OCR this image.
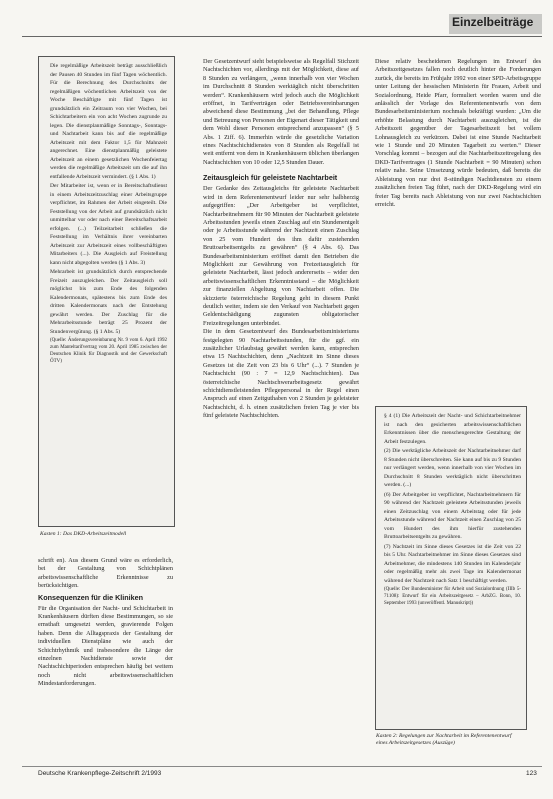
Einzelbeiträge

Die regelmäßige Arbeitszeit beträgt ausschließlich der Pausen 40 Stunden im fünf Tagen wöchentlich. Für die Berechnung des Durchschnitts der regelmäßigen wöchentlichen Arbeitszeit von der Woche Beschäftigte mit fünf Tagen ist grundsätzlich ein Zeitraum von vier Wochen, bei Schichtarbeitern ein von acht Wochen zugrunde zu legen. Die dienstplanmäßige Sonntags-, Sonntags- und Nachtarbeit kann bis auf die regelmäßige Arbeitszeit mit dem Faktor 1,5 für Mahnzeit angerechnet. Eine dienstplanmäßig geleistete Arbeitszeit an einem gesetzlichen Wochenfeiertag werden die regelmäßige Arbeitszeit um die auf ihn entfallende Arbeitszeit vermindert. (§ 1 Abs. 1)

Der Mitarbeiter ist, wenn er in Bereitschaftsdienst in einem Arbeitszeitzuschlag einer Arbeitsgruppe verpflichtet, im Rahmen der Arbeit eingeteilt. Die Feststellung von der Arbeit auf grundsätzlich nicht unmittelbar vor oder nach einer Bereitschaftsarbeit erfolgen. (...) Teilzeitarbeit schließen die Feststellung im Verhältnis ihrer vereinbarten Arbeitszeit zur Arbeitszeit eines vollbeschäftigten Mitarbeiters (...). Die Ausgleich auf Freistellung kann nicht abgegolten werden (§ 1 Abs. 3)

Mehrarbeit ist grundsätzlich durch entsprechende Freizeit auszugleichen. Der Zeitausgleich soll möglichst bis zum Ende des folgenden Kalendermonats, spätestens bis zum Ende des dritten Kalendermonats nach der Entstehung gewährt werden. Der Zuschlag für die Mehrarbeitsstunde beträgt 25 Prozent der Stundenvergütung. (§ 1 Abs. 5)

(Quelle: Änderungsvereinbarung Nr. 9 vom 6. April 1992 zum Manteltarifvertrag vom 20. April 1985 zwischen der Deutschen Klinik für Diagnostik und der Gewerkschaft ÖTV)

Kasten 1: Das DKD-Arbeitszeitmodell

schrift en). Aus diesem Grund wäre es erforderlich, bei der Gestaltung von Schichtplänen arbeitswissenschaftliche Erkenntnisse zu berücksichtigen.

Konsequenzen für die Kliniken

Für die Organisation der Nacht- und Schichtarbeit in Krankenhäusern dürften diese Bestimmungen, so sie ernsthaft umgesetzt werden, gravierende Folgen haben. Denn die Alltagspraxis der Gestaltung der individuellen Dienstpläne wie auch der Schichtrhythmik und insbesondere die Länge der einzelnen Nachtdienste sowie der Nachtschichtperioden entsprechen häufig bei weitem noch nicht arbeitswissenschaftlichen Mindestanforderungen.

Der Gesetzentwurf sieht beispielsweise als Regelfall Stichzeit Nachtschichten vor, allerdings mit der Möglichkeit, diese auf 8 Stunden zu verlängern, „wenn innerhalb von vier Wochen im Durchschnitt 8 Stunden werktäglich nicht überschritten werden“. Krankenhäusern wird jedoch auch die Möglichkeit eröffnet, in Tarifverträgen oder Betriebsvereinbarungen abweichend diese Bestimmung „bei der Behandlung, Pflege und Betreuung von Personen der Eigenart dieser Tätigkeit und dem Wohl dieser Personen entsprechend anzupassen“ (§ 5 Abs. 1 Ziff. 6). Immerhin würde die gesetzliche Variation eines Nachtschichtdienstes von 8 Stunden als Regelfall ist weit entfernt von dem in Krankenhäusern üblichen überlangen Nachtschichten von 10 oder 12,5 Stunden Dauer.

Zeitausgleich für geleistete Nachtarbeit

Der Gedanke des Zeitausgleichs für geleistete Nachtarbeit wird in dem Referentenentwurf leider nur sehr halbherzig aufgegriffen: „Der Arbeitgeber ist verpflichtet, Nachtarbeitnehmern für 90 Minuten der Nachtarbeit geleistete Arbeitsstunden jeweils einen Zuschlag auf ein Stundenentgelt oder je Arbeitsstunde während der Nachtzeit einen Zuschlag von 25 vom Hundert des ihm dafür zustehenden Bruttoarbeitsentgelts zu gewähren“ (§ 4 Abs. 6). Das Bundesarbeitsministerium eröffnet damit den Betrieben die Möglichkeit zur Gewährung von Freizeitausgleich für geleistete Nachtarbeit, lässt jedoch andererseits – wider den arbeitswissenschaftlichen Erkenntnisstand – die Möglichkeit zur finanziellen Abgeltung von Nachtarbeit offen. Die skizzierte österreichische Regelung geht in diesem Punkt deutlich weiter, indem sie den Verkauf von Nachtarbeit gegen Geldentschädigung zugunsten obligatorischer Freizeitregelungen unterbindet.

Die in dem Gesetzentwurf des Bundesarbeitsministeriums festgelegten 90 Nachtarbeitsstunden, für die ggf. ein zusätzlicher Urlaubstag gewährt werden kann, entsprechen etwa 15 Nachtschichten, denn „Nachtzeit im Sinne dieses Gesetzes ist die Zeit von 23 bis 6 Uhr“ (...). 7 Stunden je Nachtschicht (90 : 7 = 12,9 Nachtschichten). Das österreichische Nachtschwerarbeitsgesetz gewährt schichtdienstleistenden Pflegepersonal in der Regel einen Anspruch auf einen Zeitguthaben von 2 Stunden je geleisteter Nachtschicht, d. h. einen zusätzlichen freien Tag je vier bis fünf geleistete Nachtschichten.

Diese relativ bescheidenen Regelungen im Entwurf des Arbeitszeitgesetzes fallen noch deutlich hinter die Forderungen zurück, die bereits im Frühjahr 1992 von einer SPD-Arbeitsgruppe unter Leitung der hessischen Ministerin für Frauen, Arbeit und Sozialordnung, Heide Pfarr, formuliert worden waren und die anlässlich der Vorlage des Referentenentwurfs von dem Bundesarbeitsministerium nochmals bekräftigt wurden: „Um die erhöhte Belastung durch Nachtarbeit auszugleichen, ist die Arbeitszeit gegenüber der Tagesarbeitszeit bei vollem Lohnausgleich zu verkürzen. Dabei ist eine Stunde Nachtarbeit wie 1 Stunde und 20 Minuten Tagarbeit zu werten.“ Dieser Vorschlag kommt – bezogen auf die Nachtarbeitszeitregelung des DKD-Tarifvertrages (1 Stunde Nachtarbeit = 90 Minuten) schon relativ nahe. Seine Umsetzung würde bedeuten, daß bereits die Ableistung von nur drei 8-stündigen Nachtdiensten zu einem zusätzlichen freien Tag führt, nach der DKD-Regelung wird ein freier Tag bereits nach Ableistung von nur zwei Nachtschichten erreicht.

§ 4 (1) Die Arbeitszeit der Nacht- und Schichtarbeitnehmer ist nach den gesicherten arbeitswissenschaftlichen Erkenntnissen über die menschengerechte Gestaltung der Arbeit festzulegen.

(2) Die werktägliche Arbeitszeit der Nachtarbeitnehmer darf 8 Stunden nicht überschreiten. Sie kann auf bis zu 9 Stunden nur verlängert werden, wenn innerhalb von vier Wochen im Durchschnitt 8 Stunden werktäglich nicht überschritten werden. (...)

(6) Der Arbeitgeber ist verpflichtet, Nachtarbeitnehmern für 90 während der Nachtzeit geleistete Arbeitsstunden jeweils einen Zeitzuschlag von einem Arbeitstag oder für jede Arbeitsstunde während der Nachtzeit einen Zuschlag von 25 vom Hundert des ihm hierfür zustehenden Bruttoarbeitsentgelts zu gewähren.

(7) Nachtzeit im Sinne dieses Gesetzes ist die Zeit von 22 bis 5 Uhr. Nachtarbeitnehmer im Sinne dieses Gesetzes sind Arbeitnehmer, die mindestens 140 Stunden im Kalenderjahr oder regelmäßig mehr als zwei Tage im Kalendermonat während der Nachtzeit nach Satz 1 beschäftigt werden.

(Quelle: Der Bundesminister für Arbeit und Sozialordnung (IIIb 5-71108): Entwurf für ein Arbeitszeitgesetz – ArbZG. Bonn, 10. September 1993 (unveröffentl. Manuskript))

Kasten 2: Regelungen zur Nachtarbeit im Referentenentwurf eines Arbeitszeitgesetzes (Auszüge)
Deutsche Krankenpflege-Zeitschrift 2/1993	123
